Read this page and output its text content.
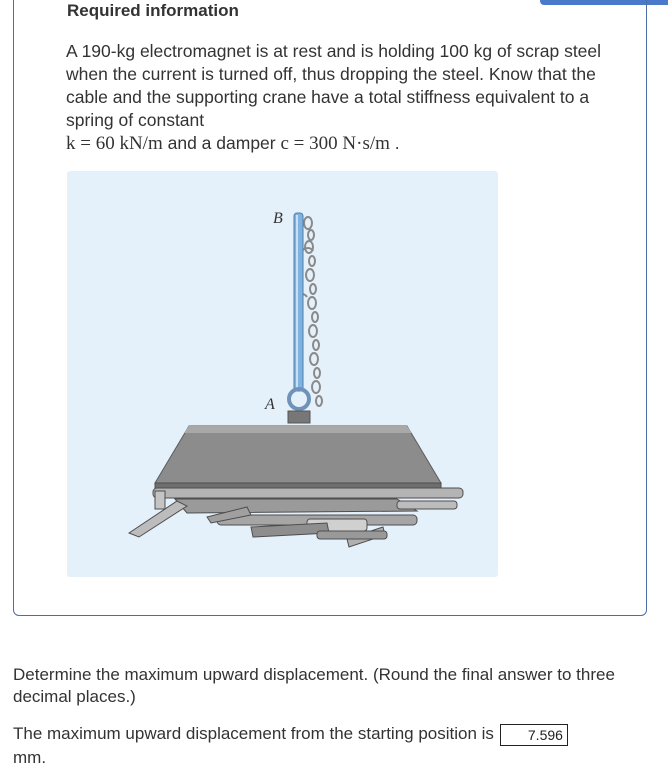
Required information
A 190-kg electromagnet is at rest and is holding 100 kg of scrap steel when the current is turned off, thus dropping the steel. Know that the cable and the supporting crane have a total stiffness equivalent to a spring of constant
k = 60 kN/m and a damper c = 300 N·s/m .
B
A
Determine the maximum upward displacement. (Round the final answer to three decimal places.)
The maximum upward displacement from the starting position is 7.596
mm.
